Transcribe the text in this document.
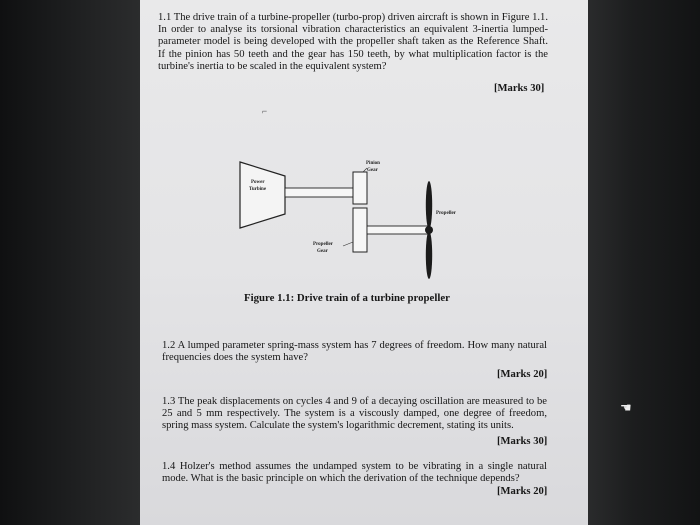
☚

1.1 The drive train of a turbine-propeller (turbo-prop) driven aircraft is shown in Figure 1.1. In order to analyse its torsional vibration characteristics an equivalent 3-inertia lumped-parameter model is being developed with the propeller shaft taken as the Reference Shaft. If the pinion has 50 teeth and the gear has 150 teeth, by what multiplication factor is the turbine's inertia to be scaled in the equivalent system?

[Marks 30]
⌐
Power
Turbine
Pinion
Gear
Propeller
Propeller
Gear
Figure 1.1: Drive train of a turbine propeller

1.2 A lumped parameter spring-mass system has 7 degrees of freedom. How many natural frequencies does the system have?

[Marks 20]

1.3 The peak displacements on cycles 4 and 9 of a decaying oscillation are measured to be 25 and 5 mm respectively. The system is a viscously damped, one degree of freedom, spring mass system. Calculate the system's logarithmic decrement, stating its units.

[Marks 30]

1.4 Holzer's method assumes the undamped system to be vibrating in a single natural mode. What is the basic principle on which the derivation of the technique depends?

[Marks 20]
